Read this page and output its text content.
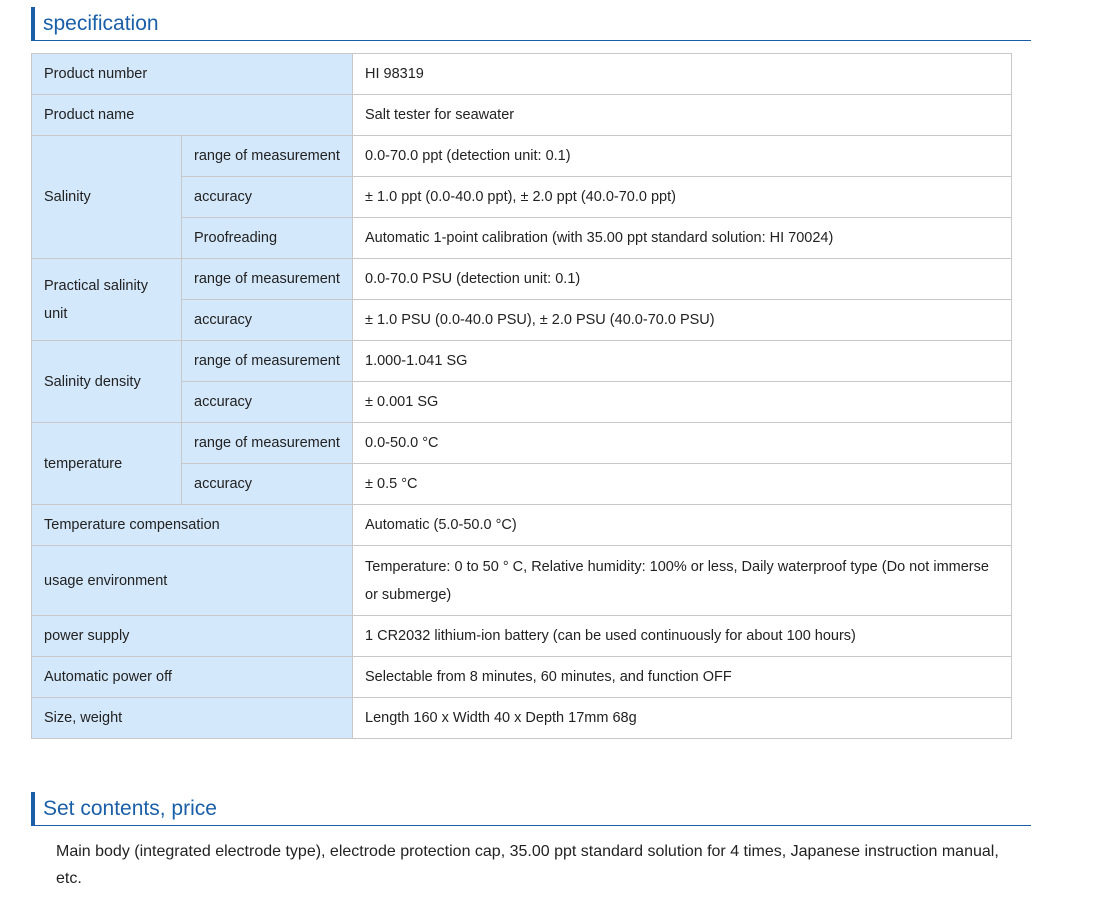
specification
Product number		HI 98319
Product name		Salt tester for seawater
Salinity	range of measurement	0.0-70.0 ppt (detection unit: 0.1)
	accuracy	± 1.0 ppt (0.0-40.0 ppt), ± 2.0 ppt (40.0-70.0 ppt)
	Proofreading	Automatic 1-point calibration (with 35.00 ppt standard solution: HI 70024)
Practical salinity unit	range of measurement	0.0-70.0 PSU (detection unit: 0.1)
	accuracy	± 1.0 PSU (0.0-40.0 PSU), ± 2.0 PSU (40.0-70.0 PSU)
Salinity density	range of measurement	1.000-1.041 SG
	accuracy	± 0.001 SG
temperature	range of measurement	0.0-50.0 °C
	accuracy	± 0.5 °C
Temperature compensation		Automatic (5.0-50.0 °C)
usage environment		Temperature: 0 to 50 ° C, Relative humidity: 100% or less, Daily waterproof type (Do not immerse or submerge)
power supply		1 CR2032 lithium-ion battery (can be used continuously for about 100 hours)
Automatic power off		Selectable from 8 minutes, 60 minutes, and function OFF
Size, weight		Length 160 x Width 40 x Depth 17mm 68g
Set contents, price
Main body (integrated electrode type), electrode protection cap, 35.00 ppt standard solution for 4 times, Japanese instruction manual, etc.
